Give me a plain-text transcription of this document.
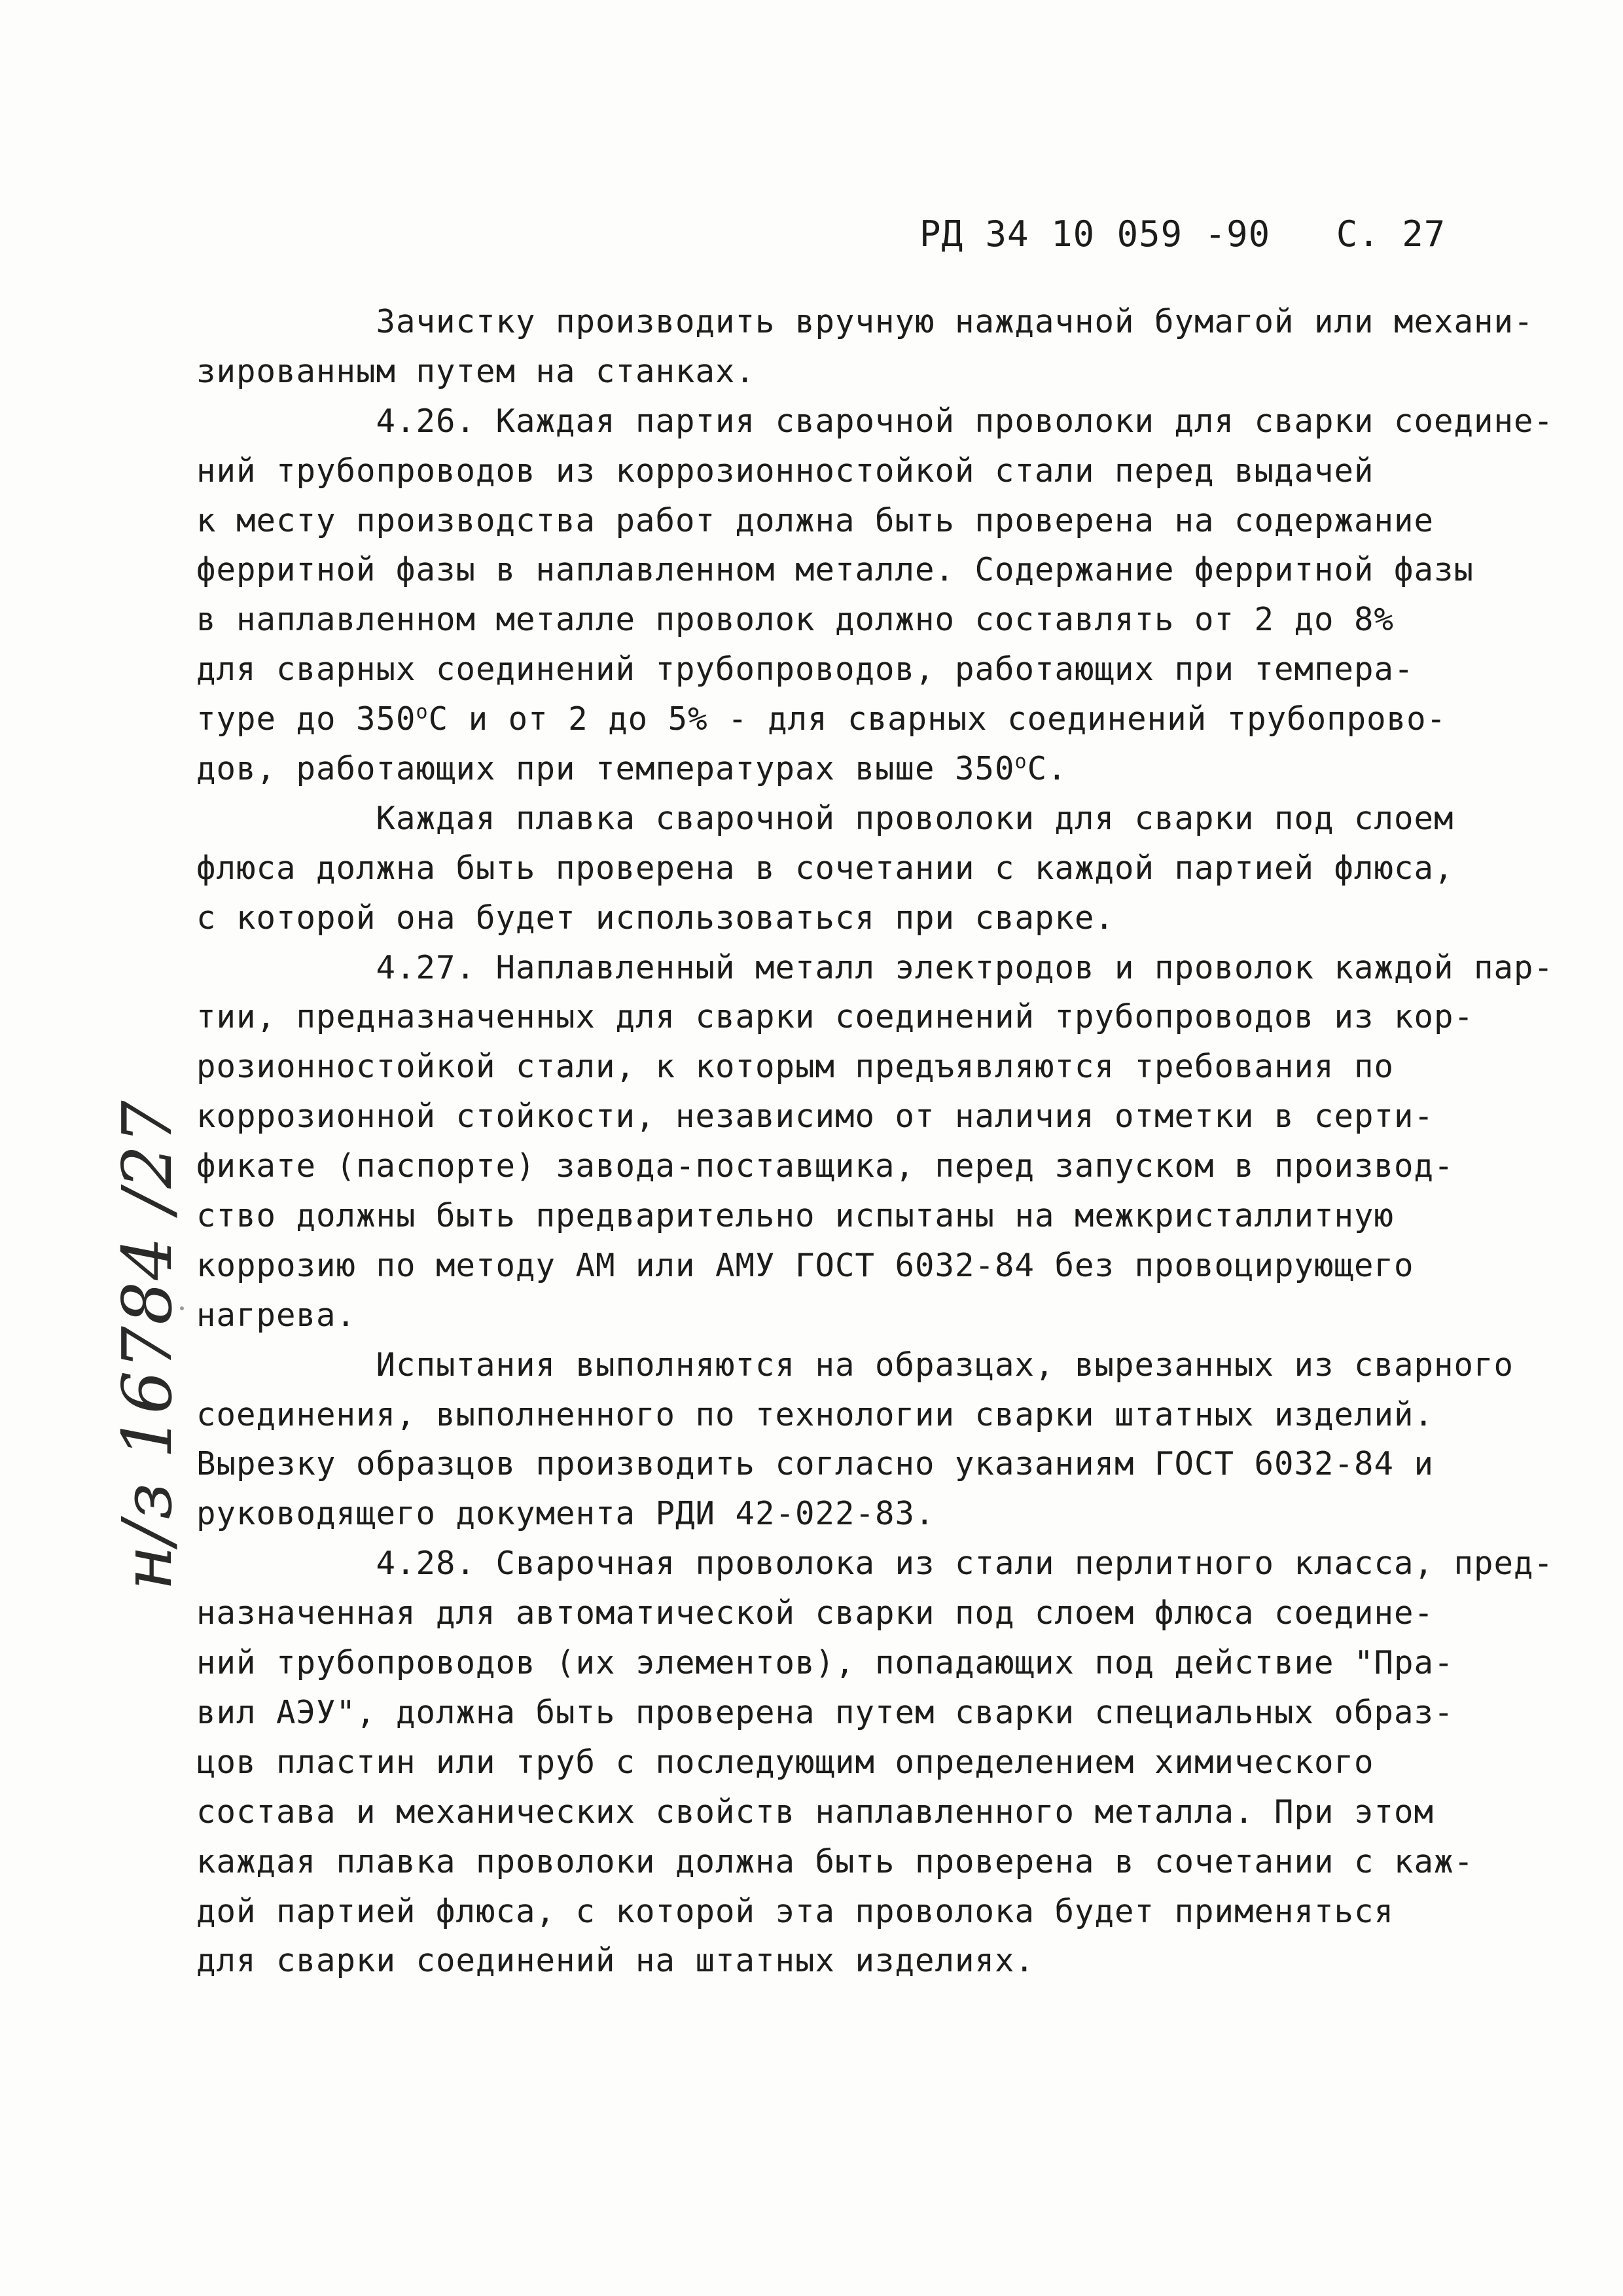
РД 34 10 059 -90 С. 27
Зачистку производить вручную наждачной бумагой или механи-
зированным путем на станках.
4.26. Каждая партия сварочной проволоки для сварки соедине-
ний трубопроводов из коррозионностойкой стали перед выдачей
к месту производства работ должна быть проверена на содержание
ферритной фазы в наплавленном металле. Содержание ферритной фазы
в наплавленном металле проволок должно составлять от 2 до 8%
для сварных соединений трубопроводов, работающих при темпера-
туре до $350^оС$ и от 2 до 5% - для сварных соединений трубопрово-
дов, работающих при температурах выше $350^оС$.
Каждая плавка сварочной проволоки для сварки под слоем
флюса должна быть проверена в сочетании с каждой партией флюса,
с которой она будет использоваться при сварке.
4.27. Наплавленный металл электродов и проволок каждой пар-
тии, предназначенных для сварки соединений трубопроводов из кор-
розионностойкой стали, к которым предъявляются требования по
коррозионной стойкости, независимо от наличия отметки в серти-
фикате (паспорте) завода-поставщика, перед запуском в производ-
ство должны быть предварительно испытаны на межкристаллитную
коррозию по методу АМ или АМУ ГОСТ 6032-84 без провоцирующего
нагрева.
Испытания выполняются на образцах, вырезанных из сварного
соединения, выполненного по технологии сварки штатных изделий.
Вырезку образцов производить согласно указаниям ГОСТ 6032-84 и
руководящего документа РДИ 42-022-83.
4.28. Сварочная проволока из стали перлитного класса, пред-
назначенная для автоматической сварки под слоем флюса соедине-
ний трубопроводов (их элементов), попадающих под действие "Пра-
вил АЭУ", должна быть проверена путем сварки специальных образ-
цов пластин или труб с последующим определением химического
состава и механических свойств наплавленного металла. При этом
каждая плавка проволоки должна быть проверена в сочетании с каж-
дой партией флюса, с которой эта проволока будет применяться
для сварки соединений на штатных изделиях.
н/з 16784 /27
